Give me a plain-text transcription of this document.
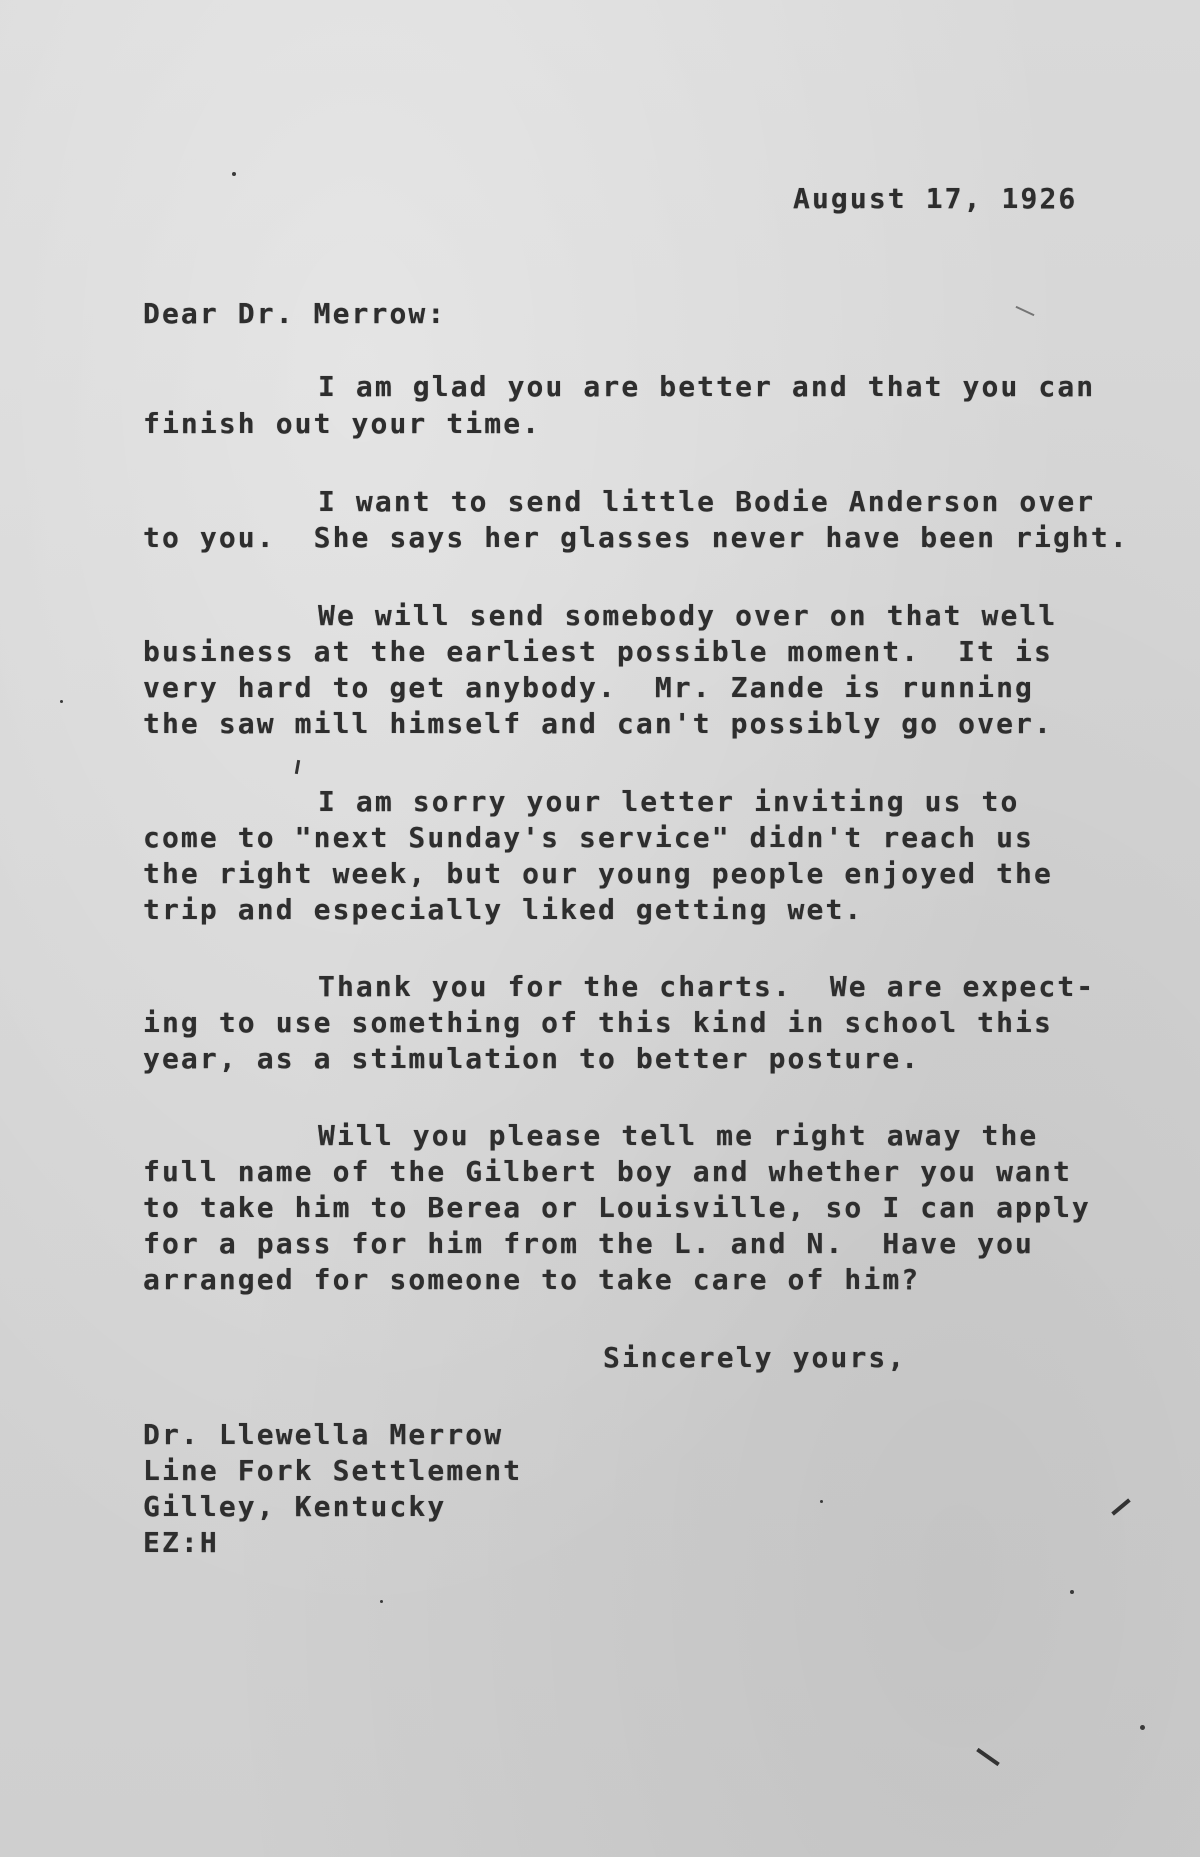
August 17, 1926
Dear Dr. Merrow:
I am glad you are better and that you can
finish out your time.
I want to send little Bodie Anderson over
to you.  She says her glasses never have been right.
We will send somebody over on that well
business at the earliest possible moment.  It is
very hard to get anybody.  Mr. Zande is running
the saw mill himself and can't possibly go over.
I am sorry your letter inviting us to
come to "next Sunday's service" didn't reach us
the right week, but our young people enjoyed the
trip and especially liked getting wet.
Thank you for the charts.  We are expect-
ing to use something of this kind in school this
year, as a stimulation to better posture.
Will you please tell me right away the
full name of the Gilbert boy and whether you want
to take him to Berea or Louisville, so I can apply
for a pass for him from the L. and N.  Have you
arranged for someone to take care of him?
Sincerely yours,
Dr. Llewella Merrow
Line Fork Settlement
Gilley, Kentucky
EZ:H
